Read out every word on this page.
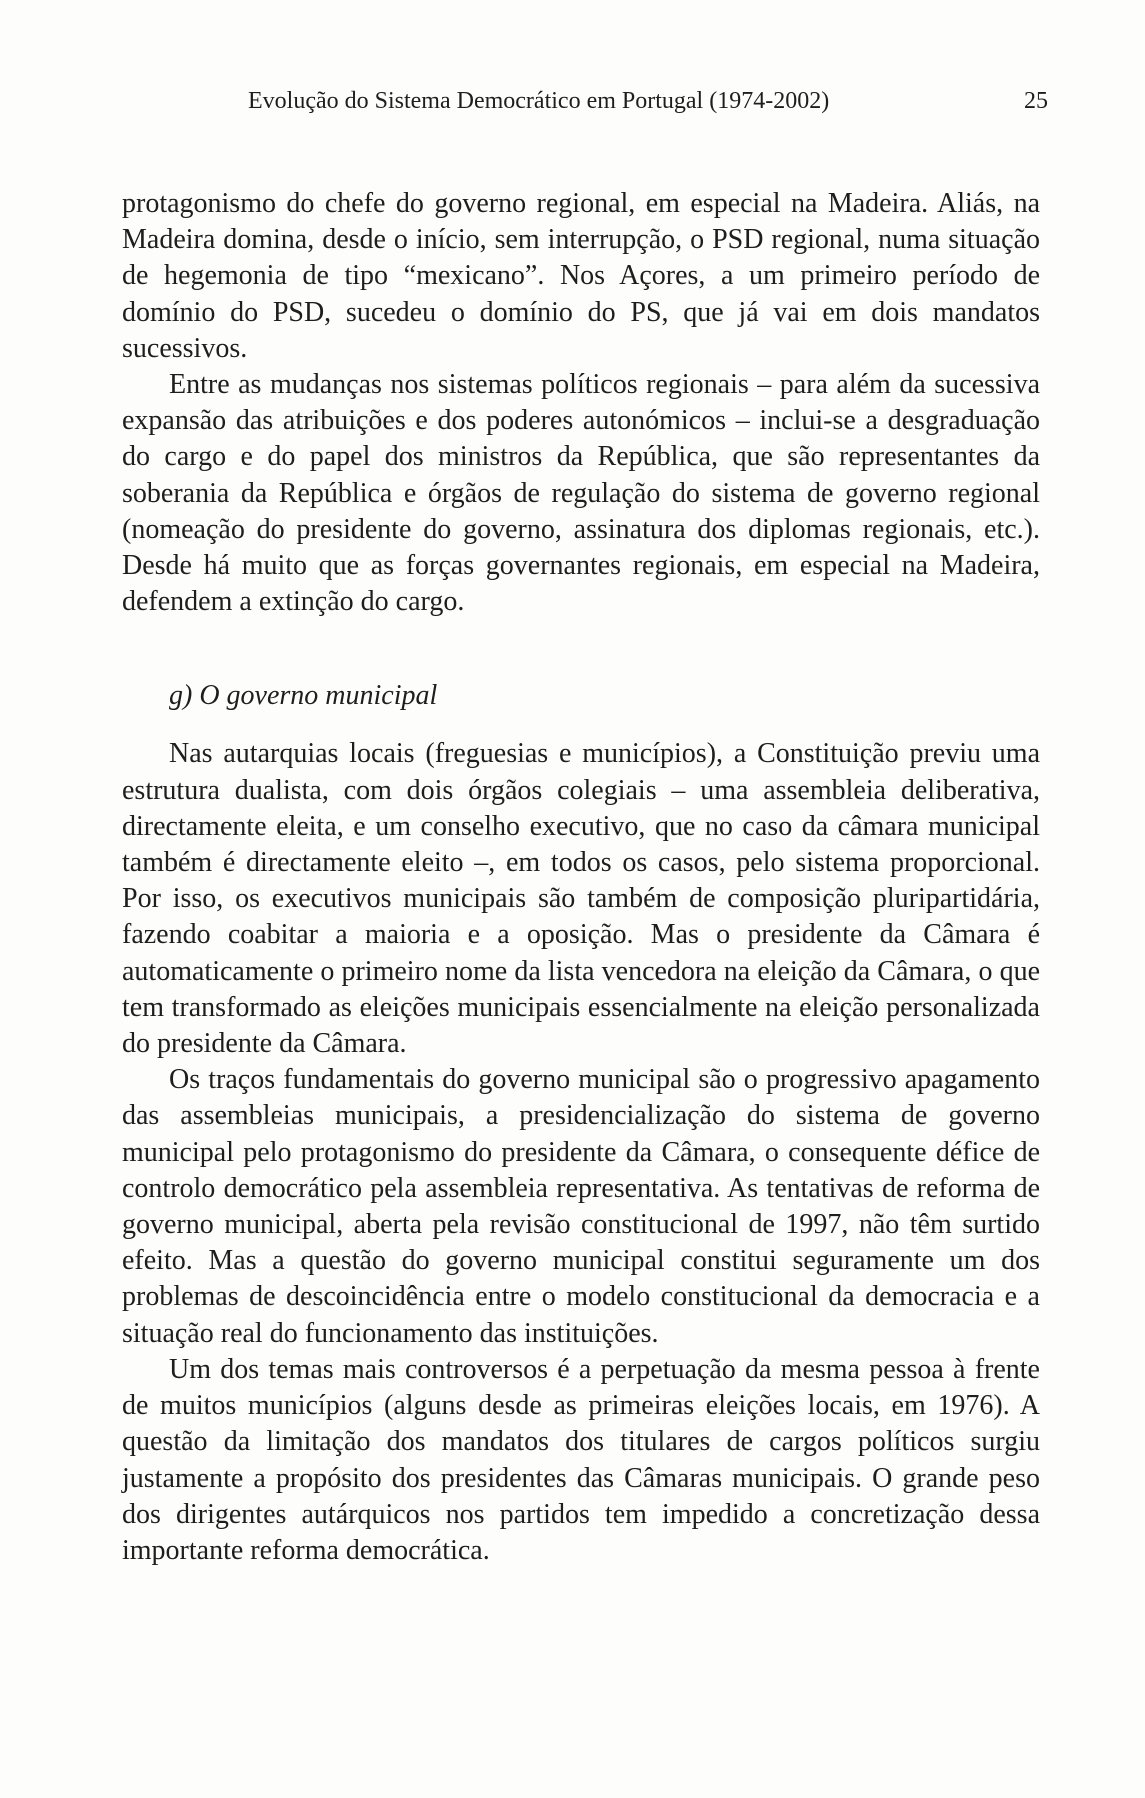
Evolução do Sistema Democrático em Portugal (1974-2002)	25

protagonismo do chefe do governo regional, em especial na Madeira. Aliás, na Madeira domina, desde o início, sem interrupção, o PSD regional, numa situação de hegemonia de tipo “mexicano”. Nos Açores, a um primeiro período de domínio do PSD, sucedeu o domínio do PS, que já vai em dois mandatos sucessivos.

Entre as mudanças nos sistemas políticos regionais – para além da sucessiva expansão das atribuições e dos poderes autonómicos – inclui-se a desgraduação do cargo e do papel dos ministros da República, que são representantes da soberania da República e órgãos de regulação do sistema de governo regional (nomeação do presidente do governo, assinatura dos diplomas regionais, etc.). Desde há muito que as forças governantes regionais, em especial na Madeira, defendem a extinção do cargo.

g) O governo municipal

Nas autarquias locais (freguesias e municípios), a Constituição previu uma estrutura dualista, com dois órgãos colegiais – uma assembleia deliberativa, directamente eleita, e um conselho executivo, que no caso da câmara municipal também é directamente eleito –, em todos os casos, pelo sistema proporcional. Por isso, os executivos municipais são também de composição pluripartidária, fazendo coabitar a maioria e a oposição. Mas o presidente da Câmara é automaticamente o primeiro nome da lista vencedora na eleição da Câmara, o que tem transformado as eleições municipais essencialmente na eleição personalizada do presidente da Câmara.

Os traços fundamentais do governo municipal são o progressivo apagamento das assembleias municipais, a presidencialização do sistema de governo municipal pelo protagonismo do presidente da Câmara, o consequente défice de controlo democrático pela assembleia representativa. As tentativas de reforma de governo municipal, aberta pela revisão constitucional de 1997, não têm surtido efeito. Mas a questão do governo municipal constitui seguramente um dos problemas de descoincidência entre o modelo constitucional da democracia e a situação real do funcionamento das instituições.

Um dos temas mais controversos é a perpetuação da mesma pessoa à frente de muitos municípios (alguns desde as primeiras eleições locais, em 1976). A questão da limitação dos mandatos dos titulares de cargos políticos surgiu justamente a propósito dos presidentes das Câmaras municipais. O grande peso dos dirigentes autárquicos nos partidos tem impedido a concretização dessa importante reforma democrática.
